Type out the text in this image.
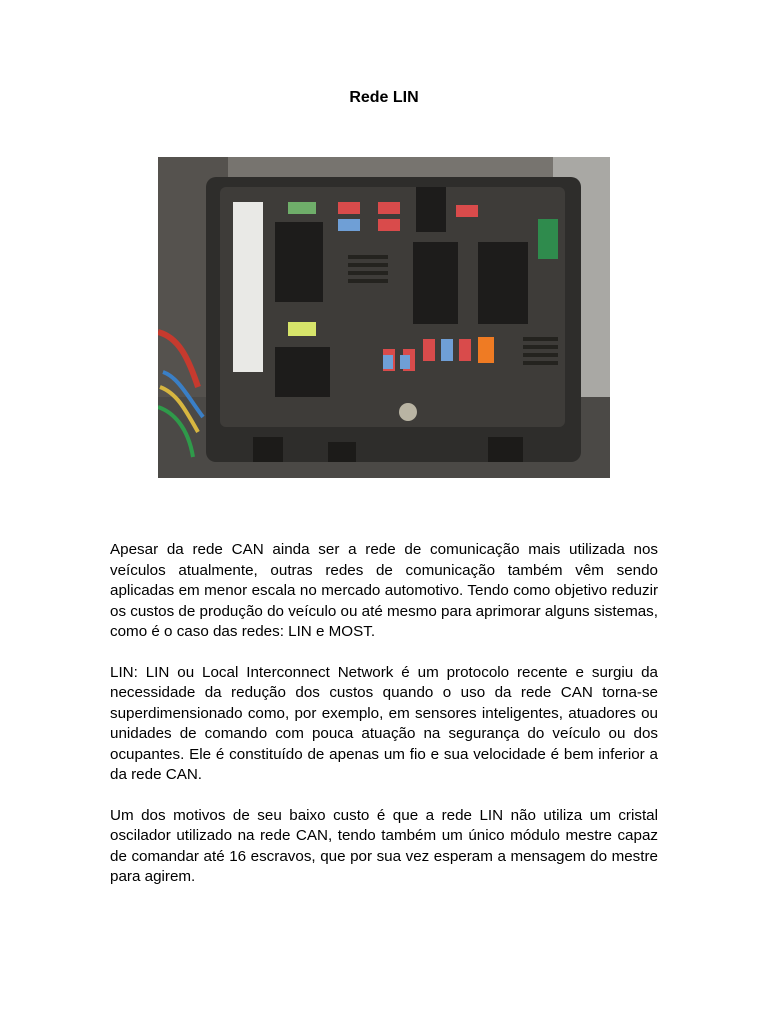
Rede LIN

Apesar da rede CAN ainda ser a rede de comunicação mais utilizada nos veículos atualmente, outras redes de comunicação também vêm sendo aplicadas em menor escala no mercado automotivo. Tendo como objetivo reduzir os custos de produção do veículo ou até mesmo para aprimorar alguns sistemas, como é o caso das redes: LIN e MOST.

LIN: LIN ou Local Interconnect Network é um protocolo recente e surgiu da necessidade da redução dos custos quando o uso da rede CAN torna-se superdimensionado como, por exemplo, em sensores inteligentes, atuadores ou unidades de comando com pouca atuação na segurança do veículo ou dos ocupantes. Ele é constituído de apenas um fio e sua velocidade é bem inferior a da rede CAN.

Um dos motivos de seu baixo custo é que a rede LIN não utiliza um cristal oscilador utilizado na rede CAN, tendo também um único módulo mestre capaz de comandar até 16 escravos, que por sua vez esperam a mensagem do mestre para agirem.
